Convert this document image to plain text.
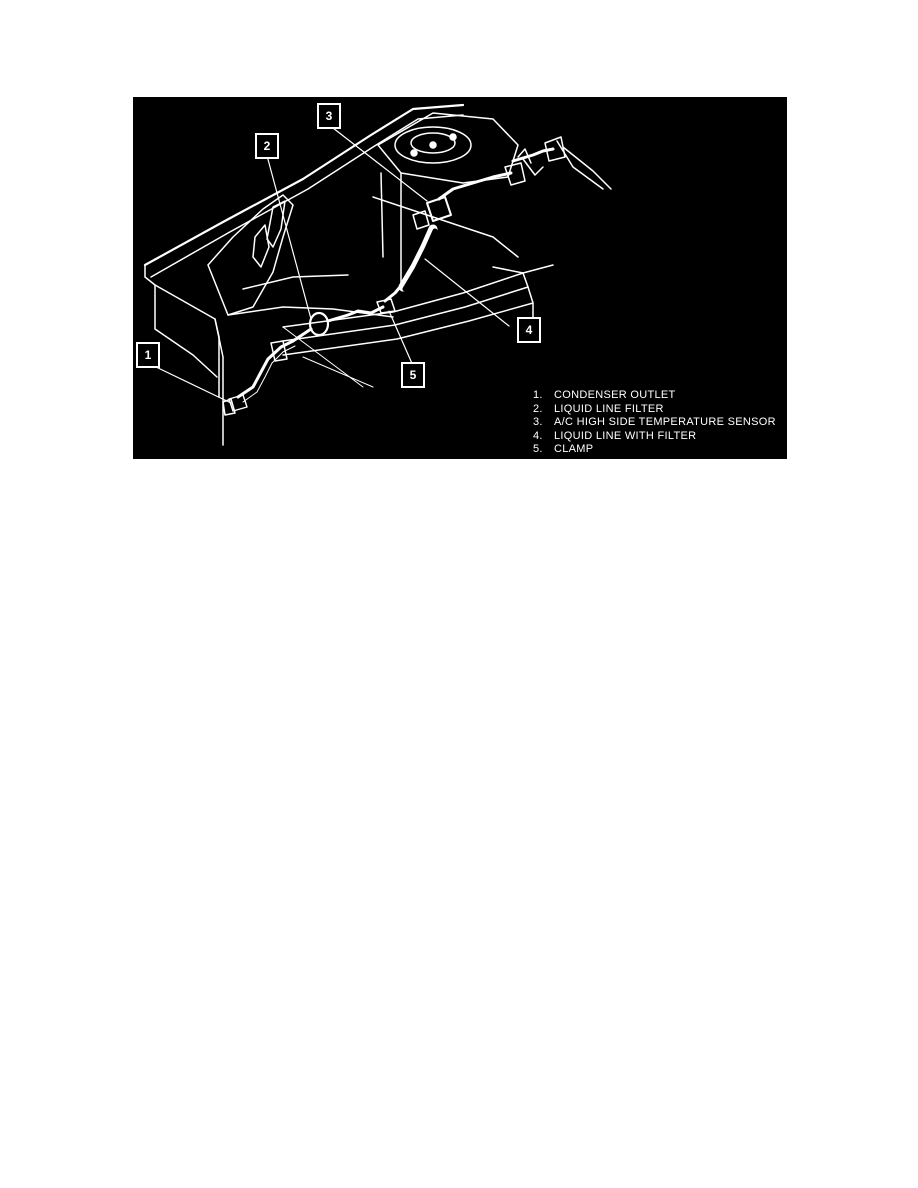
1
2
3
4
5
1. CONDENSER OUTLET
2. LIQUID LINE FILTER
3. A/C HIGH SIDE TEMPERATURE SENSOR
4. LIQUID LINE WITH FILTER
5. CLAMP
